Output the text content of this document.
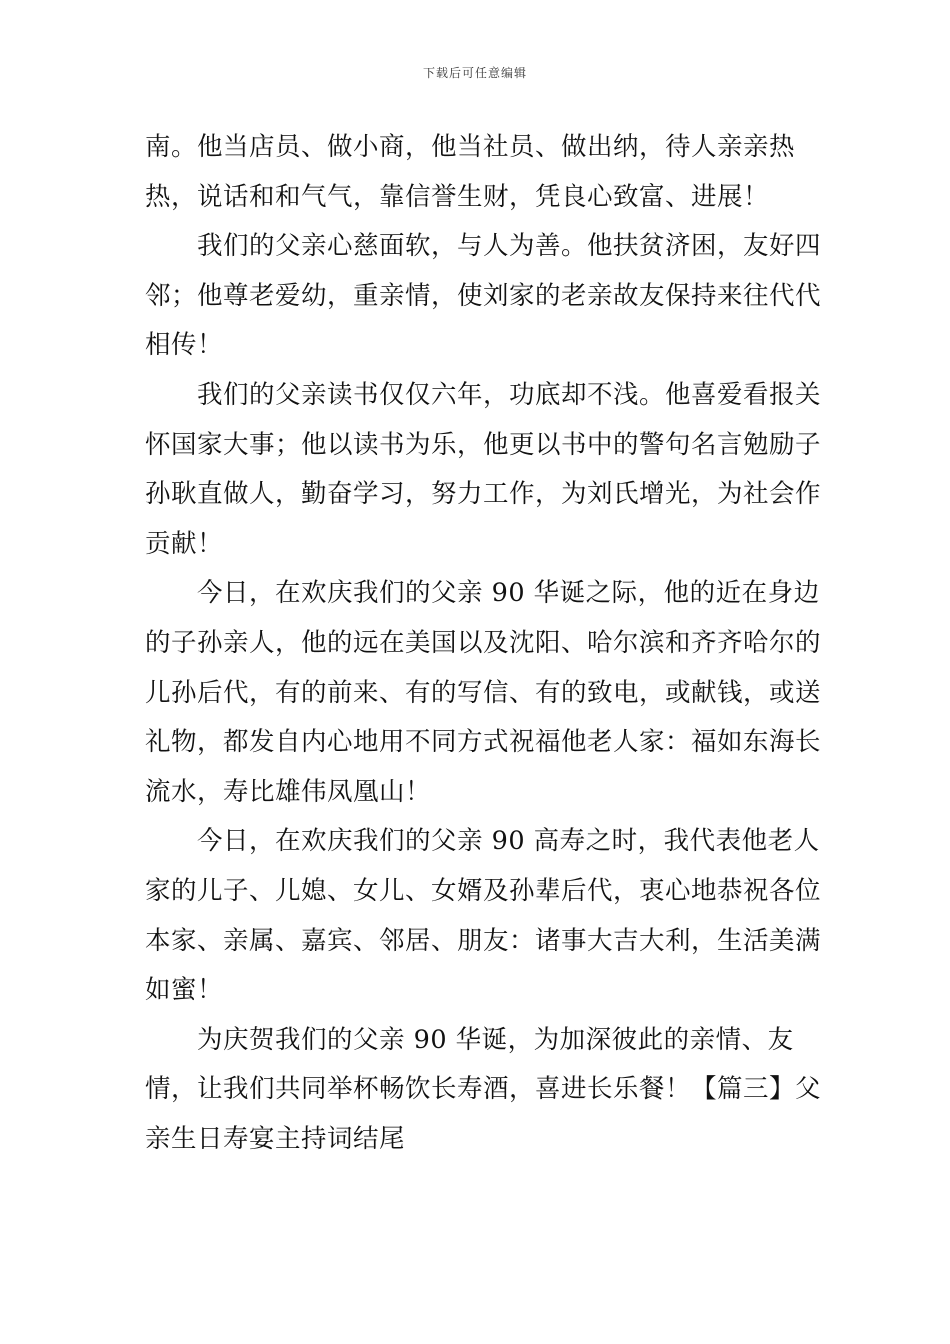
下载后可任意编辑

南。他当店员、做小商，他当社员、做出纳，待人亲亲热热，说话和和气气，靠信誉生财，凭良心致富、进展！

我们的父亲心慈面软，与人为善。他扶贫济困，友好四邻；他尊老爱幼，重亲情，使刘家的老亲故友保持来往代代相传！

我们的父亲读书仅仅六年，功底却不浅。他喜爱看报关怀国家大事；他以读书为乐，他更以书中的警句名言勉励子孙耿直做人，勤奋学习，努力工作，为刘氏增光，为社会作贡献！

今日，在欢庆我们的父亲 90 华诞之际，他的近在身边的子孙亲人，他的远在美国以及沈阳、哈尔滨和齐齐哈尔的儿孙后代，有的前来、有的写信、有的致电，或献钱，或送礼物，都发自内心地用不同方式祝福他老人家：福如东海长流水，寿比雄伟凤凰山！

今日，在欢庆我们的父亲 90 高寿之时，我代表他老人家的儿子、儿媳、女儿、女婿及孙辈后代，衷心地恭祝各位本家、亲属、嘉宾、邻居、朋友：诸事大吉大利，生活美满如蜜！

为庆贺我们的父亲 90 华诞，为加深彼此的亲情、友情，让我们共同举杯畅饮长寿酒，喜进长乐餐！【篇三】父亲生日寿宴主持词结尾
